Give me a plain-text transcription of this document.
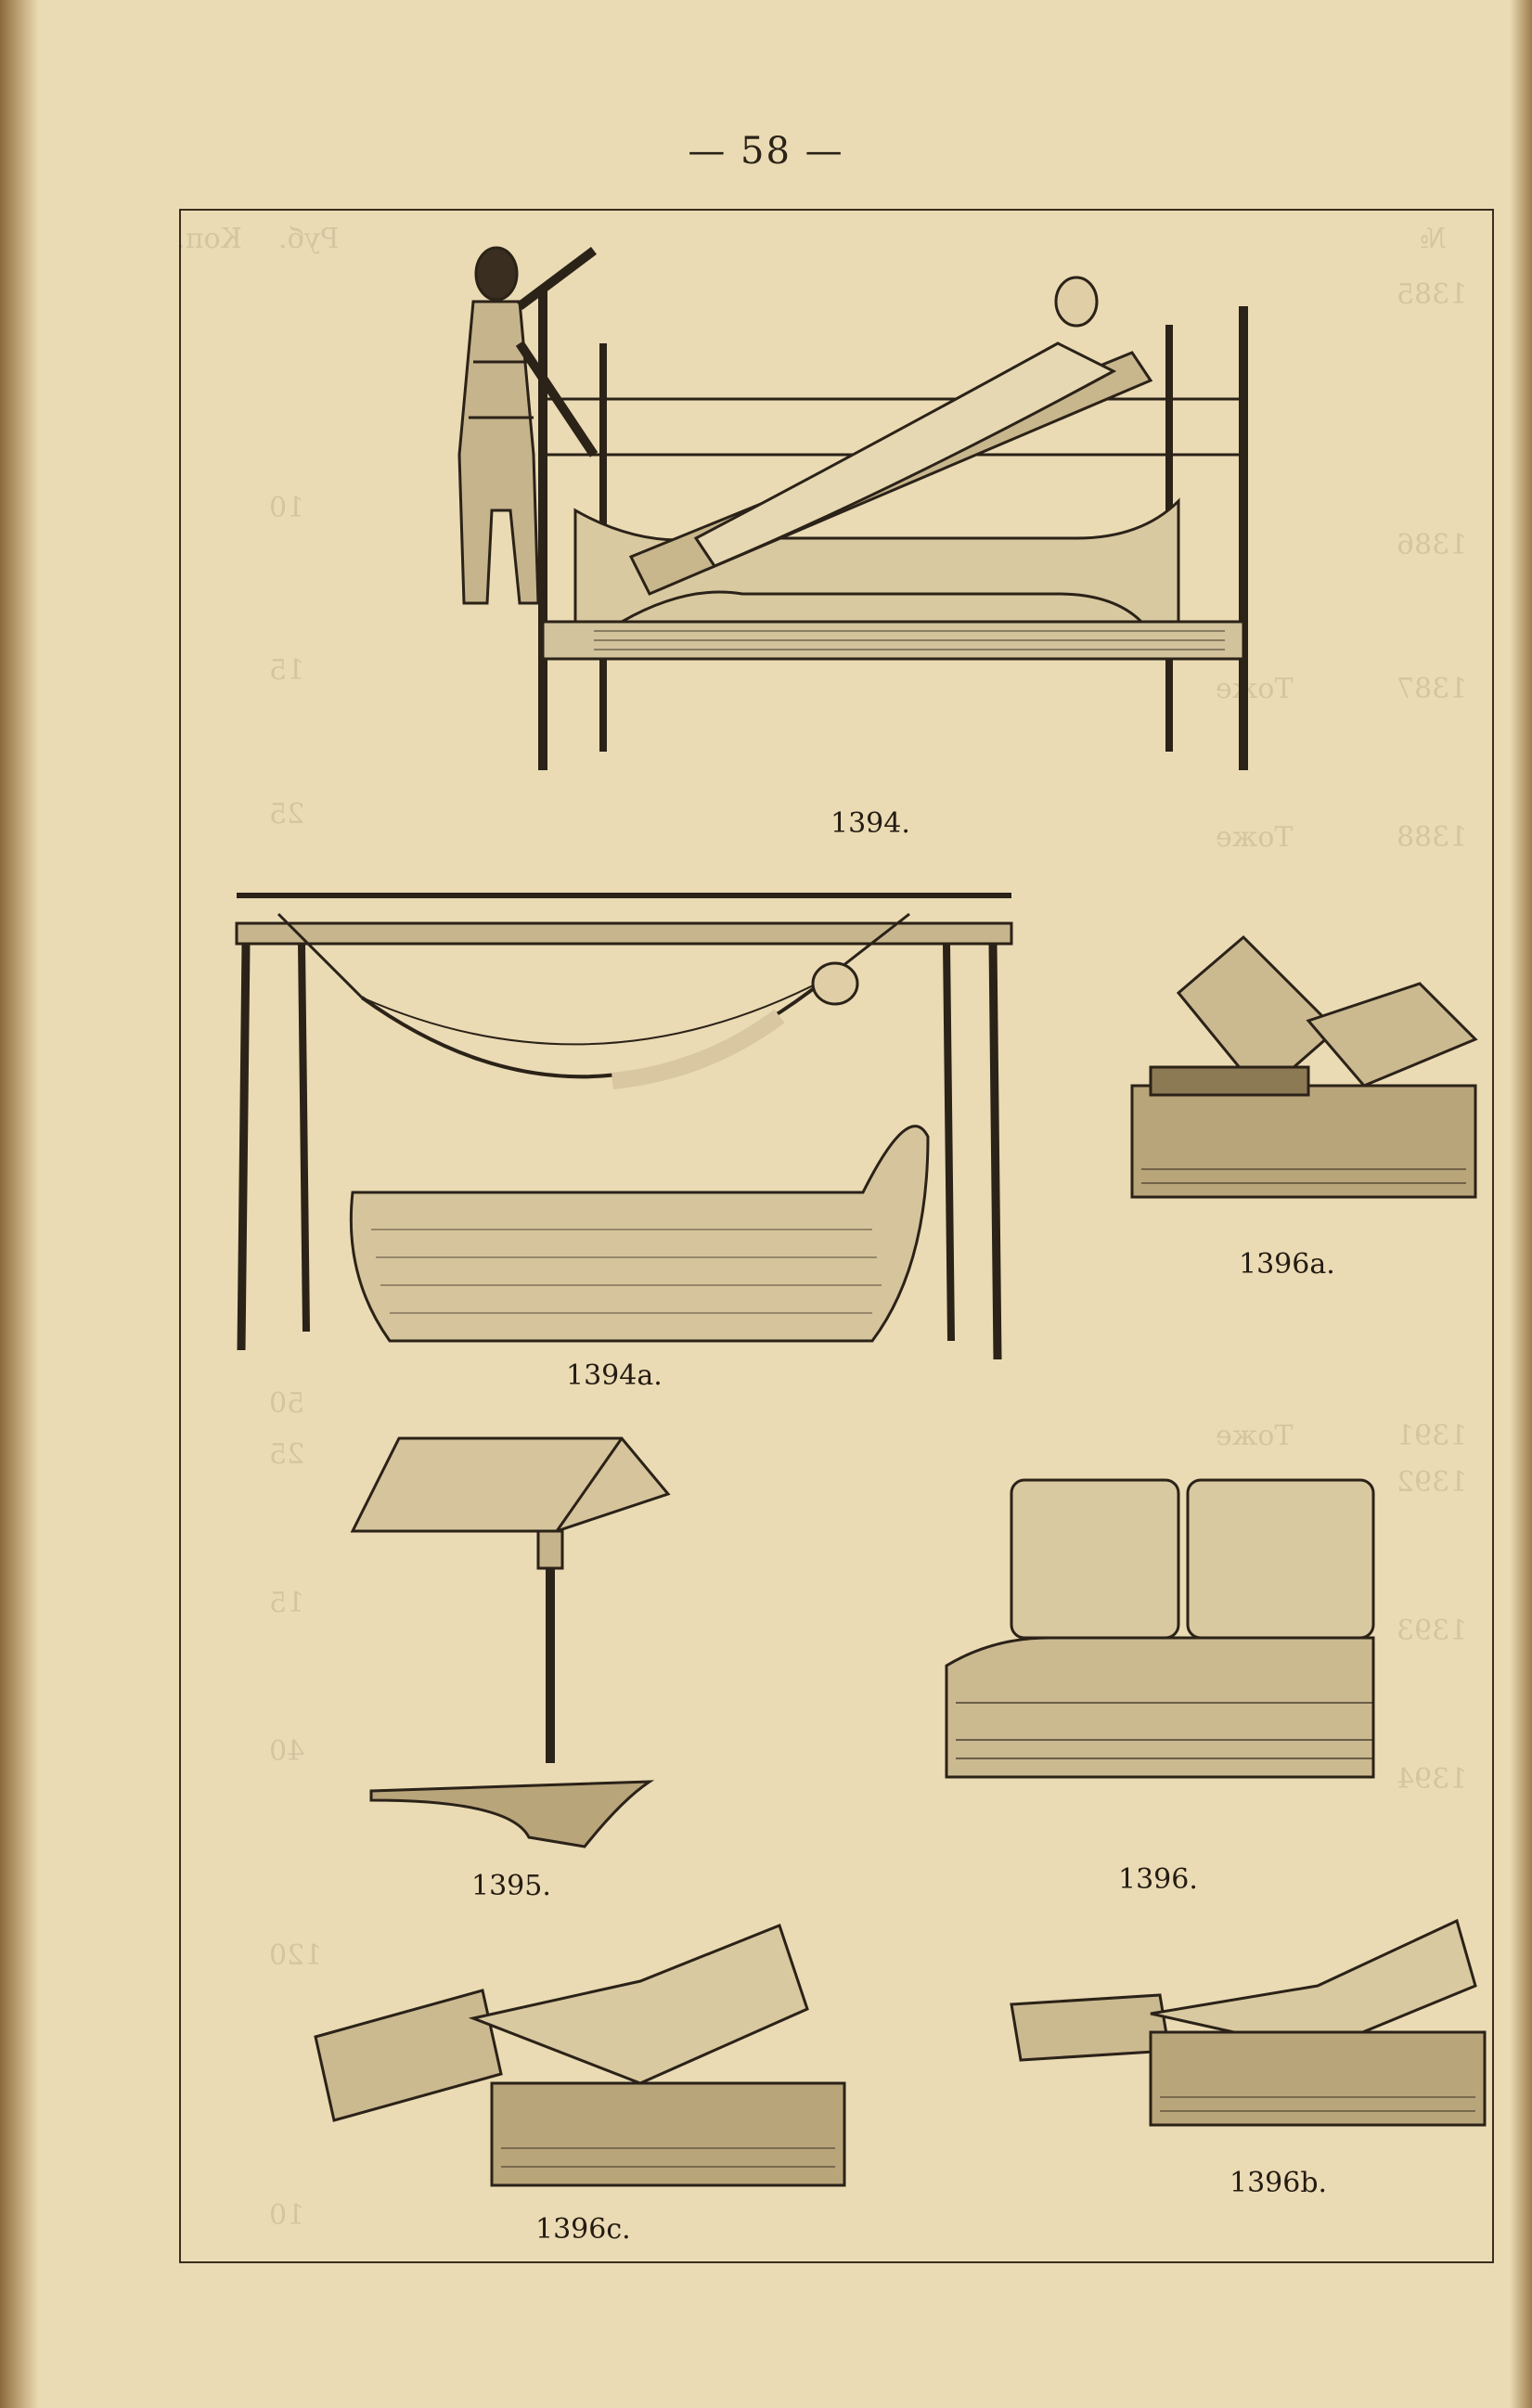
— 58 —
Коп. Руб.	№
1385
1386
1387
1388
1391
1392
1393
1394
10
15
25
50
25
15
40
120
10
Тоже
Тоже
Тоже
1394.
1394a.
1396a.
1395.	1396.
1396c.
1396b.
